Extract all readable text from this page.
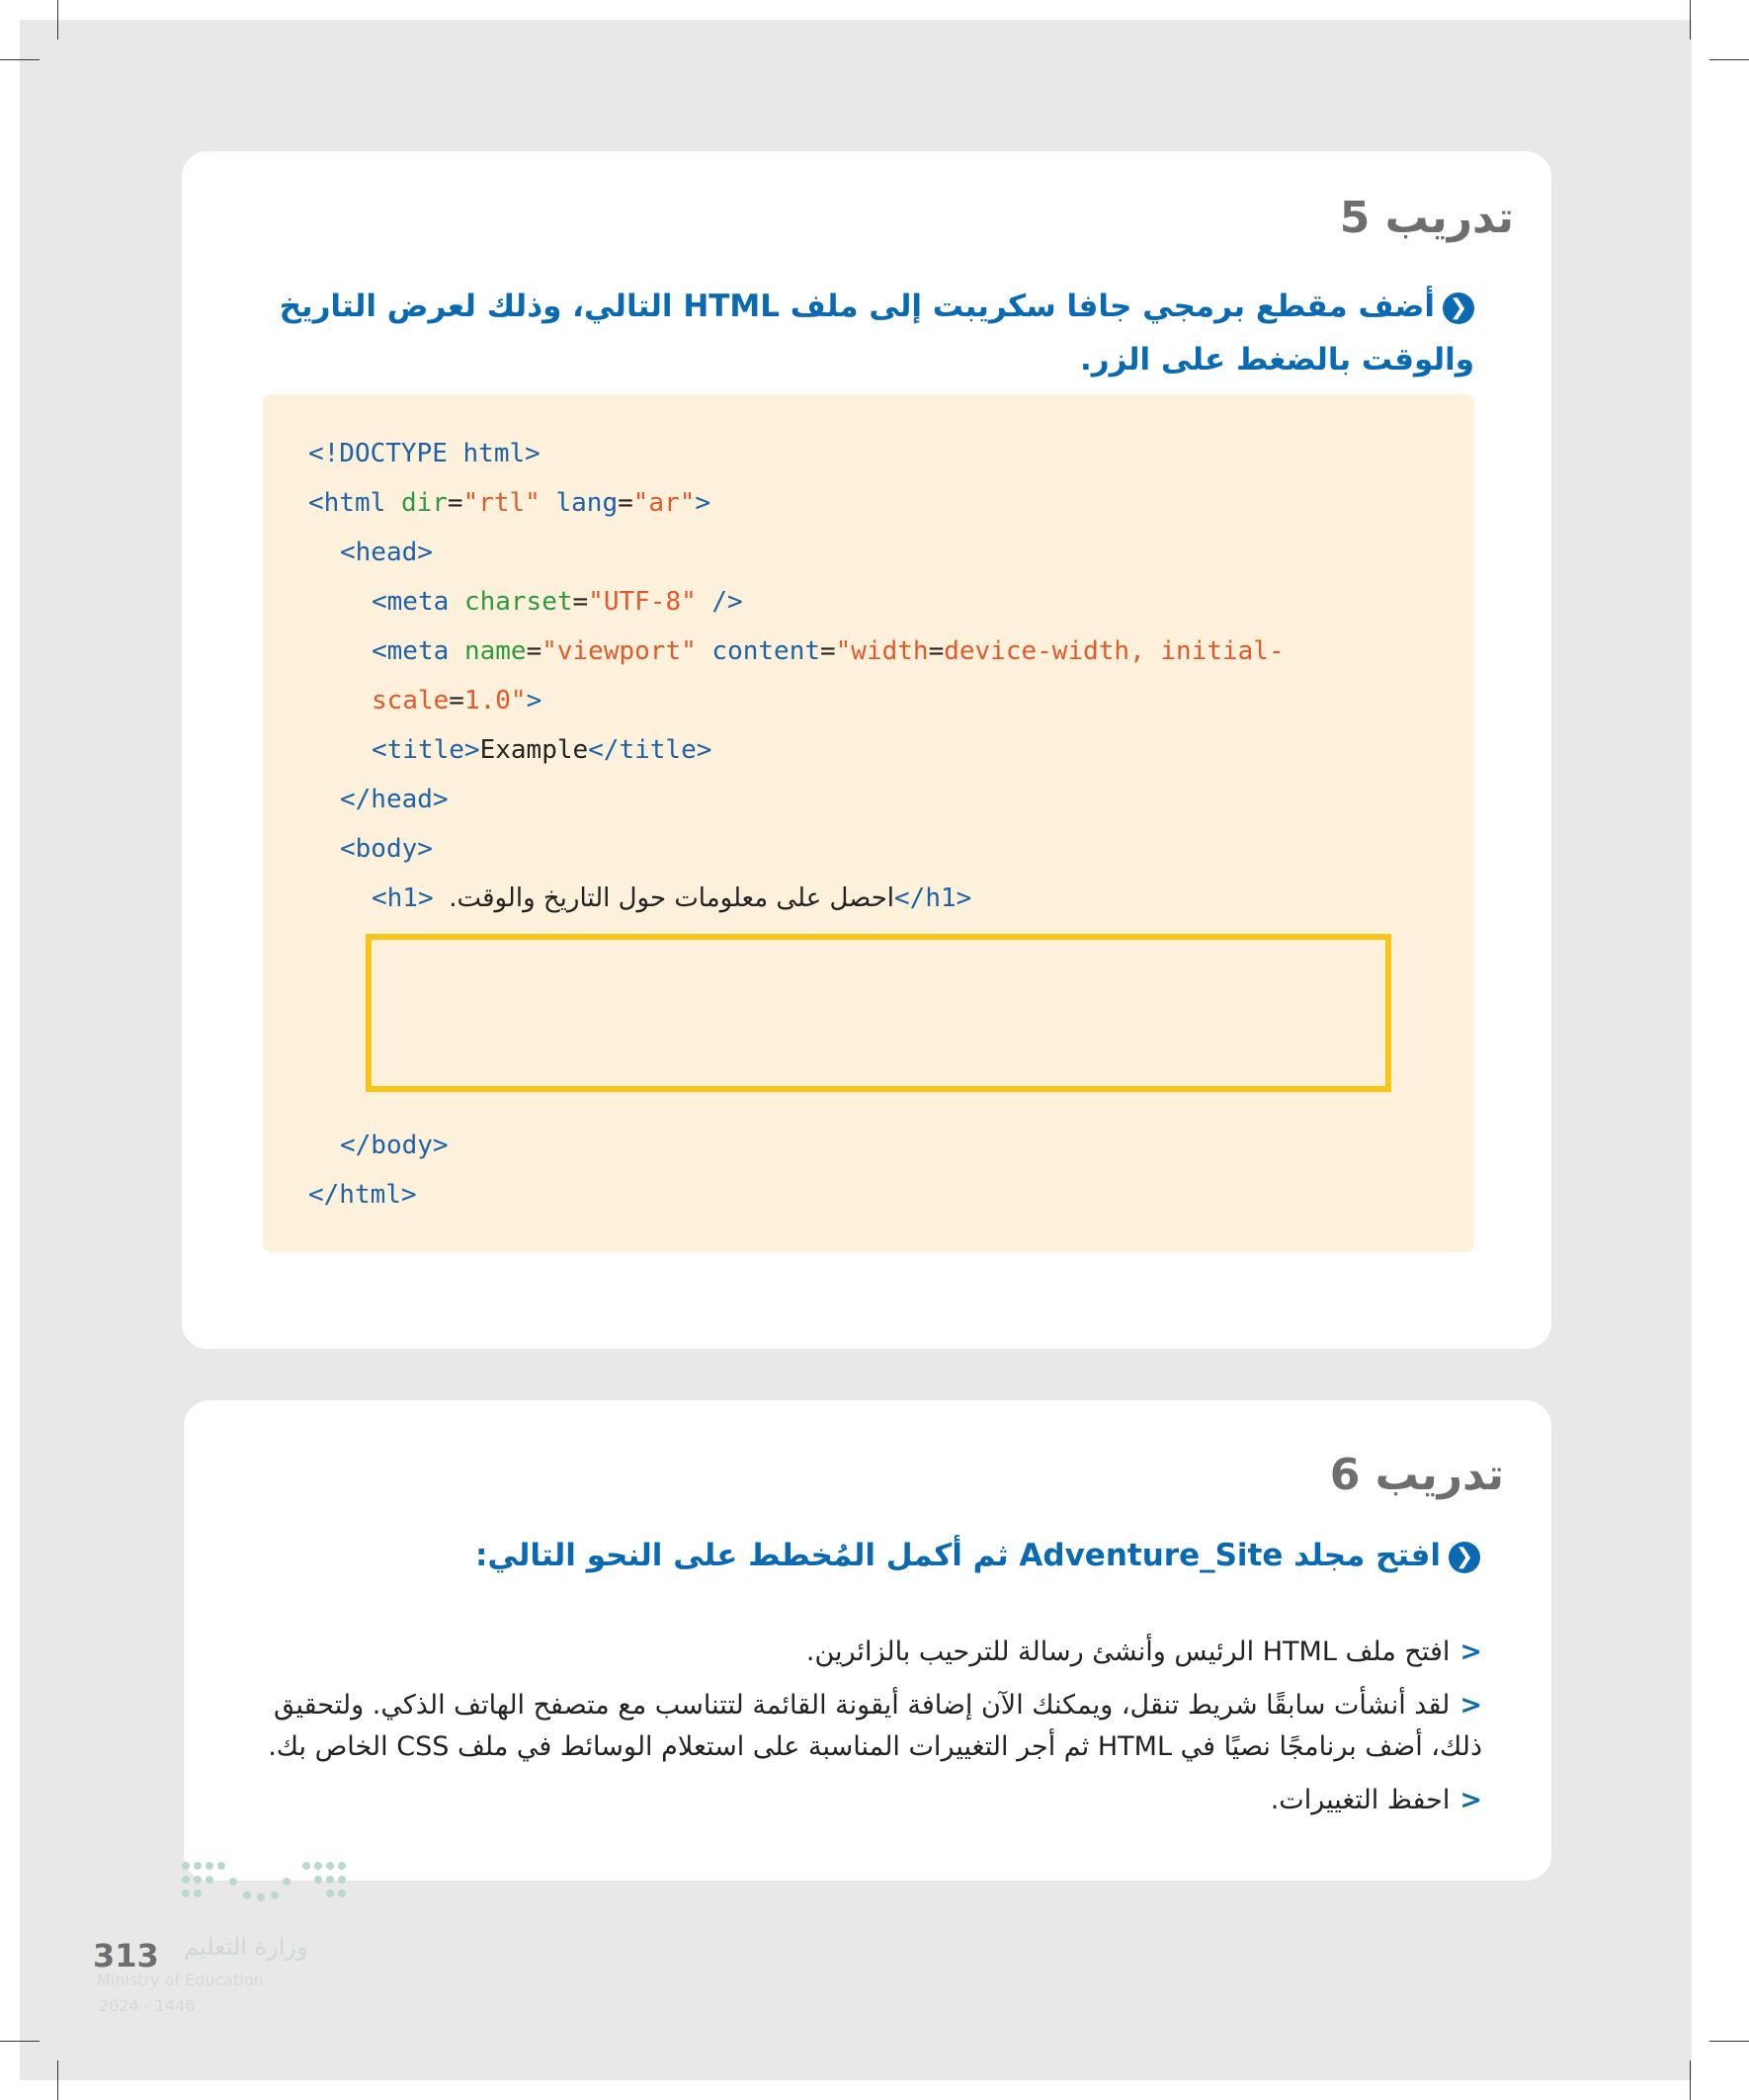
تدريب 5
❮أضف مقطع برمجي جافا سكريبت إلى ملف HTML التالي، وذلك لعرض التاريخ والوقت بالضغط على الزر.
<!DOCTYPE html>
<html dir="rtl" lang="ar">
<head>
<meta charset="UTF-8" />
<meta name="viewport" content="width=device-width, initial-
scale=1.0">
<title>Example</title>
</head>
<body>
<h1> احصل على معلومات حول التاريخ والوقت.</h1>
</body>
</html>
تدريب 6
❮افتح مجلد Adventure_Site ثم أكمل المُخطط على النحو التالي:
<افتح ملف HTML الرئيس وأنشئ رسالة للترحيب بالزائرين.
<لقد أنشأت سابقًا شريط تنقل، ويمكنك الآن إضافة أيقونة القائمة لتتناسب مع متصفح الهاتف الذكي. ولتحقيق ذلك، أضف برنامجًا نصيًا في HTML ثم أجر التغييرات المناسبة على استعلام الوسائط في ملف CSS الخاص بك.
<احفظ التغييرات.
وزارة التعليم
313
Ministry of Education
2024 - 1446
